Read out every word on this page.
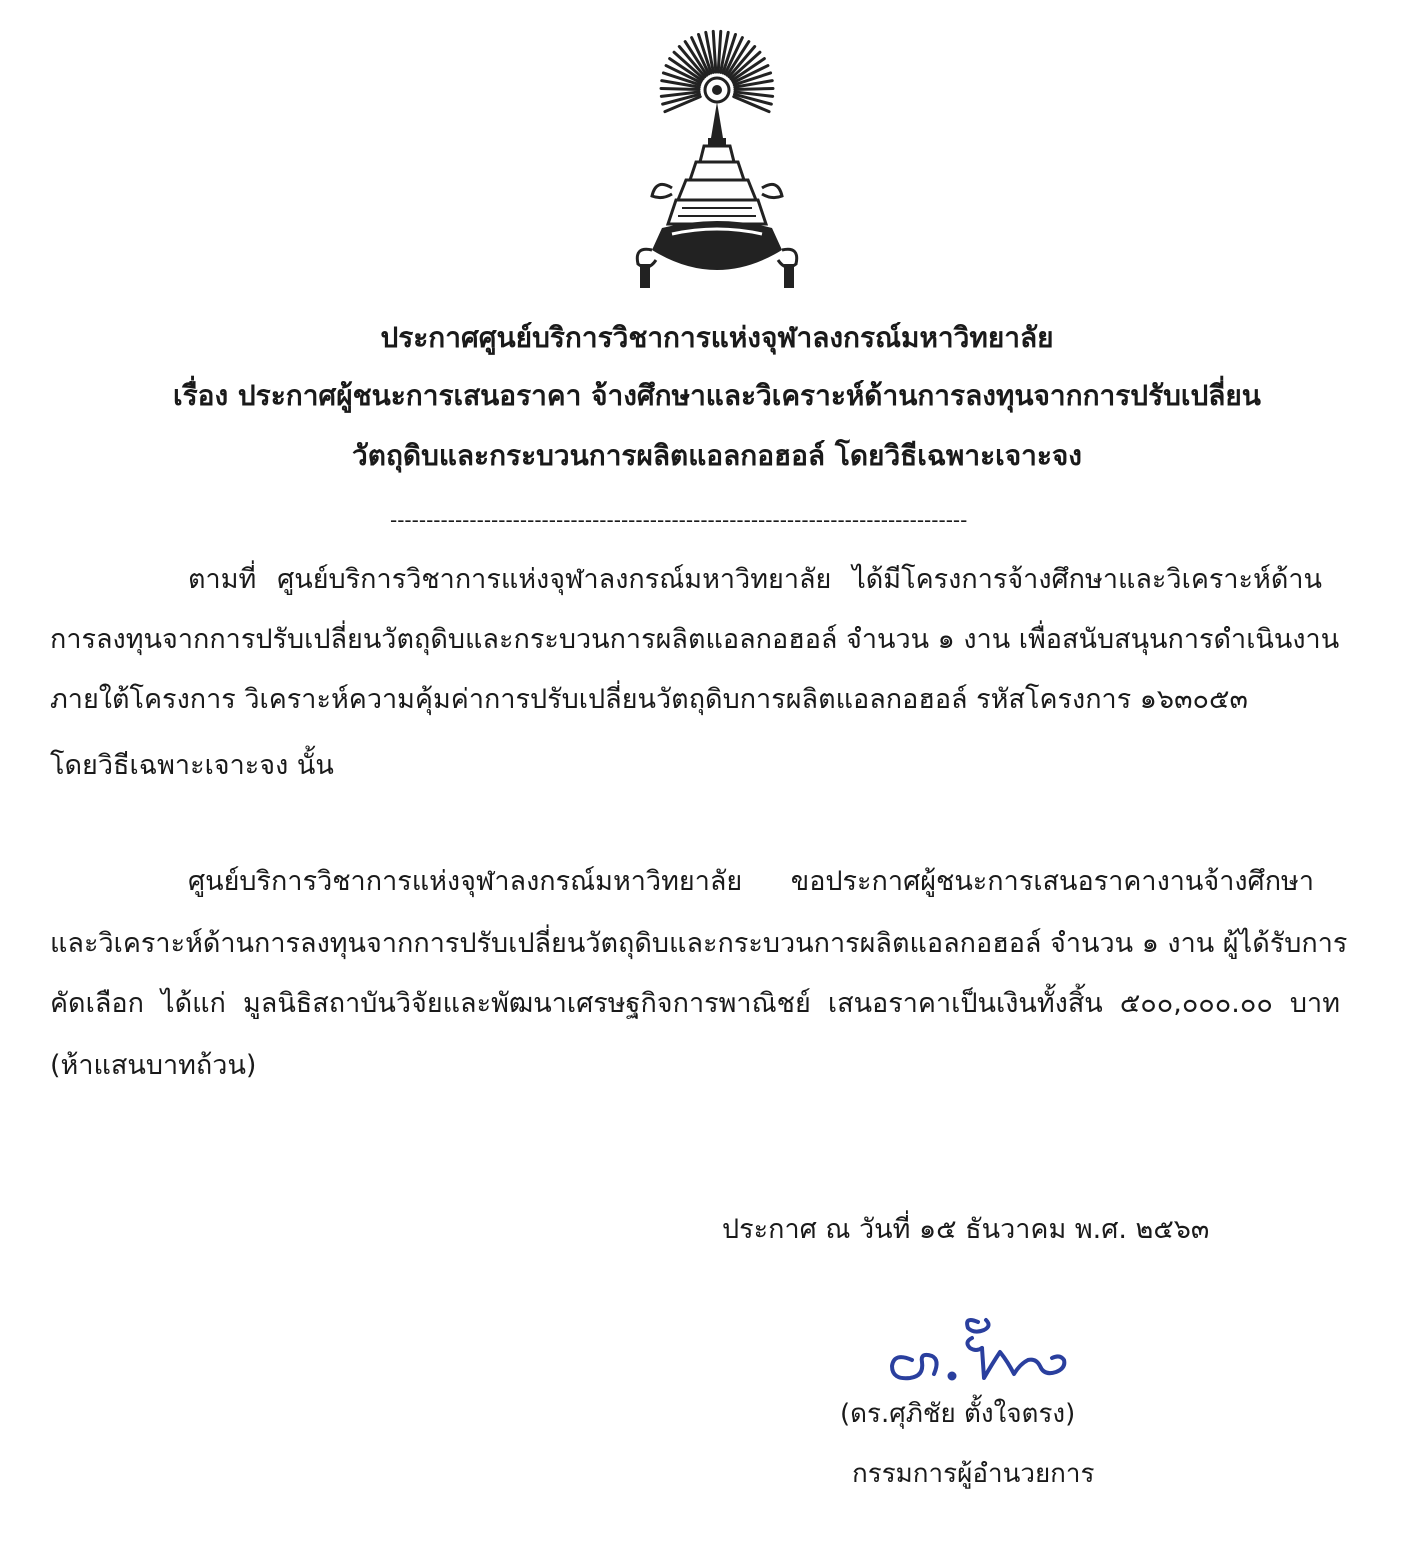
ประกาศศูนย์บริการวิชาการแห่งจุฬาลงกรณ์มหาวิทยาลัย
เรื่อง ประกาศผู้ชนะการเสนอราคา จ้างศึกษาและวิเคราะห์ด้านการลงทุนจากการปรับเปลี่ยน
วัตถุดิบและกระบวนการผลิตแอลกอฮอล์ โดยวิธีเฉพาะเจาะจง
--------------------------------------------------------------------------------
ตามที่ ศูนย์บริการวิชาการแห่งจุฬาลงกรณ์มหาวิทยาลัย ได้มีโครงการจ้างศึกษาและวิเคราะห์ด้าน
การลงทุนจากการปรับเปลี่ยนวัตถุดิบและกระบวนการผลิตแอลกอฮอล์ จำนวน ๑ งาน เพื่อสนับสนุนการดำเนินงาน
ภายใต้โครงการ วิเคราะห์ความคุ้มค่าการปรับเปลี่ยนวัตถุดิบการผลิตแอลกอฮอล์ รหัสโครงการ ๑๖๓๐๕๓
โดยวิธีเฉพาะเจาะจง นั้น
ศูนย์บริการวิชาการแห่งจุฬาลงกรณ์มหาวิทยาลัย ขอประกาศผู้ชนะการเสนอราคางานจ้างศึกษา
และวิเคราะห์ด้านการลงทุนจากการปรับเปลี่ยนวัตถุดิบและกระบวนการผลิตแอลกอฮอล์ จำนวน ๑ งาน ผู้ได้รับการ
คัดเลือก ได้แก่ มูลนิธิสถาบันวิจัยและพัฒนาเศรษฐกิจการพาณิชย์ เสนอราคาเป็นเงินทั้งสิ้น ๕๐๐,๐๐๐.๐๐ บาท
(ห้าแสนบาทถ้วน)
ประกาศ ณ วันที่ ๑๕ ธันวาคม พ.ศ. ๒๕๖๓
(ดร.ศุภิชัย ตั้งใจตรง)
กรรมการผู้อำนวยการ
